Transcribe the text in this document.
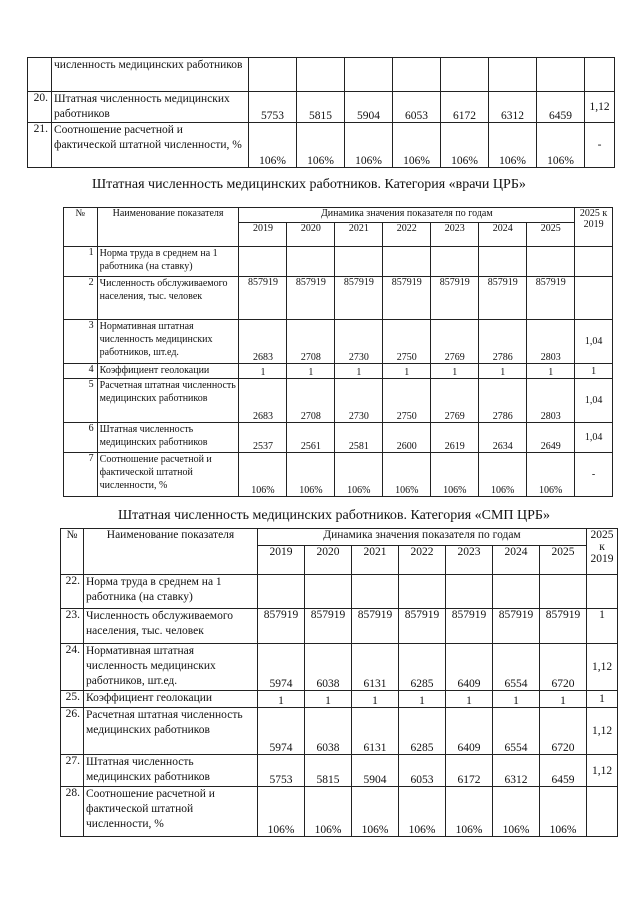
	численность медицинских работников								
20.	Штатная численность медицинских работников	5753	5815	5904	6053	6172	6312	6459	1,12
21.	Соотношение расчетной и фактической штатной численности, %	106%	106%	106%	106%	106%	106%	106%	-
Штатная численность медицинских работников. Категория «врачи ЦРБ»
№	Наименование показателя	Динамика значения показателя по годам							2025 к 2019
		2019	2020	2021	2022	2023	2024	2025	
1	Норма труда в среднем на 1 работника (на ставку)								
2	Численность обслуживаемого населения, тыс. человек	857919	857919	857919	857919	857919	857919	857919	
3	Нормативная штатная численность медицинских работников, шт.ед.	2683	2708	2730	2750	2769	2786	2803	1,04
4	Коэффициент геолокации	1	1	1	1	1	1	1	1
5	Расчетная штатная численность медицинских работников	2683	2708	2730	2750	2769	2786	2803	1,04
6	Штатная численность медицинских работников	2537	2561	2581	2600	2619	2634	2649	1,04
7	Соотношение расчетной и фактической штатной численности, %	106%	106%	106%	106%	106%	106%	106%	-
Штатная численность медицинских работников. Категория «СМП ЦРБ»
№	Наименование показателя	Динамика значения показателя по годам							2025 к 2019
		2019	2020	2021	2022	2023	2024	2025	
22.	Норма труда в среднем на 1 работника (на ставку)								
23.	Численность обслуживаемого населения, тыс. человек	857919	857919	857919	857919	857919	857919	857919	1
24.	Нормативная штатная численность медицинских работников, шт.ед.	5974	6038	6131	6285	6409	6554	6720	1,12
25.	Коэффициент геолокации	1	1	1	1	1	1	1	1
26.	Расчетная штатная численность медицинских работников	5974	6038	6131	6285	6409	6554	6720	1,12
27.	Штатная численность медицинских работников	5753	5815	5904	6053	6172	6312	6459	1,12
28.	Соотношение расчетной и фактической штатной численности, %	106%	106%	106%	106%	106%	106%	106%	
